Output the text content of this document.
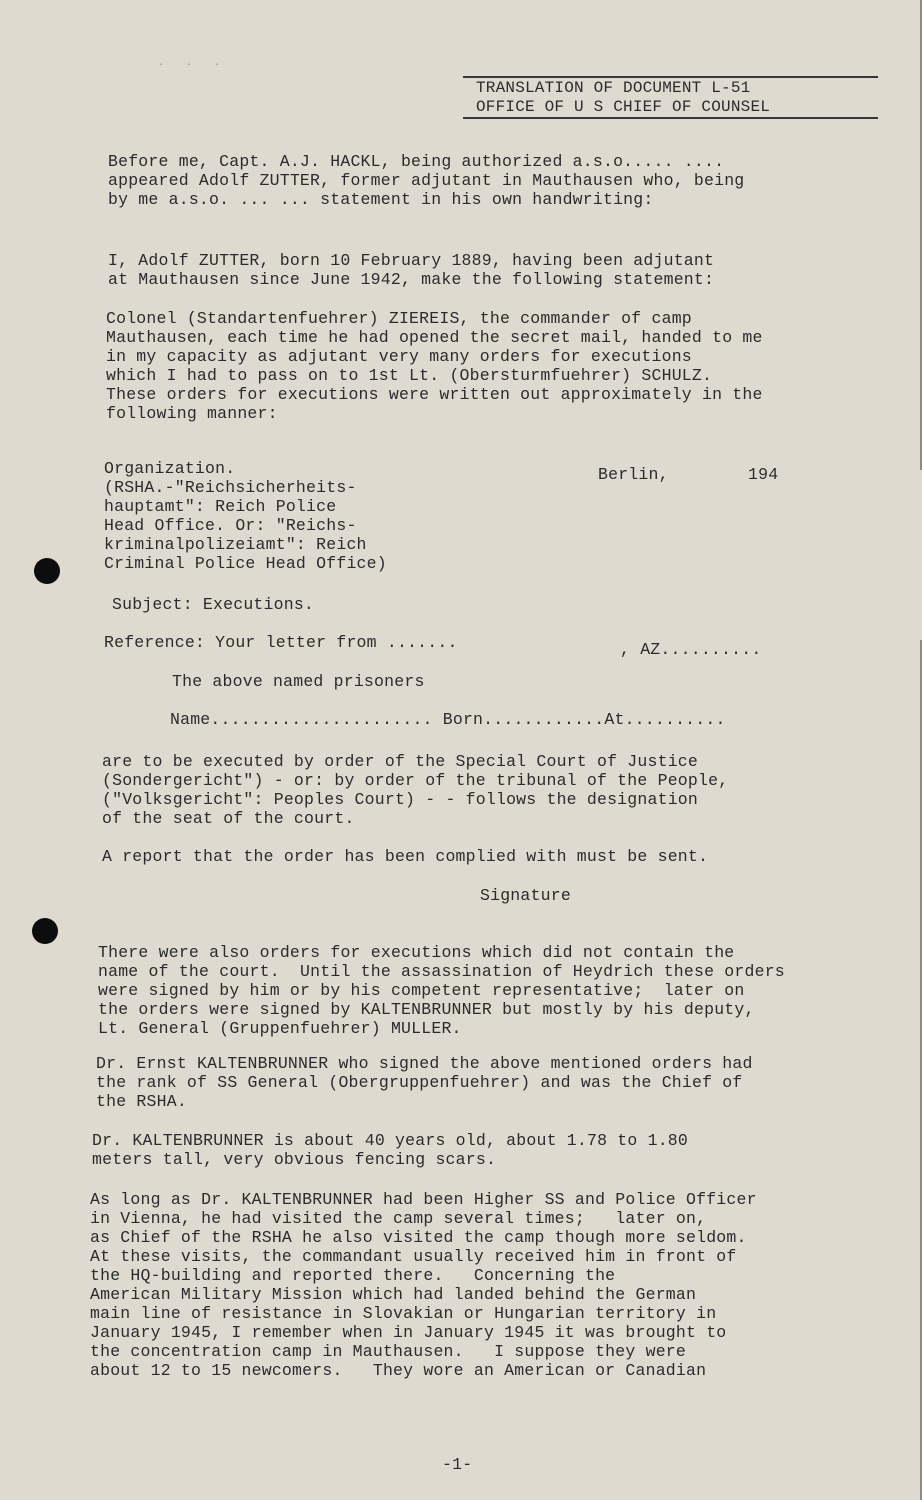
. . .
TRANSLATION OF DOCUMENT L-51
OFFICE OF U S CHIEF OF COUNSEL
Before me, Capt. A.J. HACKL, being authorized a.s.o..... ....
appeared Adolf ZUTTER, former adjutant in Mauthausen who, being
by me a.s.o. ... ... statement in his own handwriting:
I, Adolf ZUTTER, born 10 February 1889, having been adjutant
at Mauthausen since June 1942, make the following statement:
Colonel (Standartenfuehrer) ZIEREIS, the commander of camp
Mauthausen, each time he had opened the secret mail, handed to me
in my capacity as adjutant very many orders for executions
which I had to pass on to 1st Lt. (Obersturmfuehrer) SCHULZ.
These orders for executions were written out approximately in the
following manner:
Organization.
(RSHA.-"Reichsicherheits-
hauptamt": Reich Police
Head Office. Or: "Reichs-
kriminalpolizeiamt": Reich
Criminal Police Head Office)
Berlin,	194
Subject: Executions.
Reference: Your letter from .......	, AZ..........
The above named prisoners
Name...................... Born............At..........
are to be executed by order of the Special Court of Justice
(Sondergericht") - or: by order of the tribunal of the People,
("Volksgericht": Peoples Court) - - follows the designation
of the seat of the court.
A report that the order has been complied with must be sent.
Signature
There were also orders for executions which did not contain the
name of the court.  Until the assassination of Heydrich these orders
were signed by him or by his competent representative;  later on
the orders were signed by KALTENBRUNNER but mostly by his deputy,
Lt. General (Gruppenfuehrer) MULLER.
Dr. Ernst KALTENBRUNNER who signed the above mentioned orders had
the rank of SS General (Obergruppenfuehrer) and was the Chief of
the RSHA.
Dr. KALTENBRUNNER is about 40 years old, about 1.78 to 1.80
meters tall, very obvious fencing scars.
As long as Dr. KALTENBRUNNER had been Higher SS and Police Officer
in Vienna, he had visited the camp several times;   later on,
as Chief of the RSHA he also visited the camp though more seldom.
At these visits, the commandant usually received him in front of
the HQ-building and reported there.   Concerning the
American Military Mission which had landed behind the German
main line of resistance in Slovakian or Hungarian territory in
January 1945, I remember when in January 1945 it was brought to
the concentration camp in Mauthausen.   I suppose they were
about 12 to 15 newcomers.   They wore an American or Canadian
-1-
